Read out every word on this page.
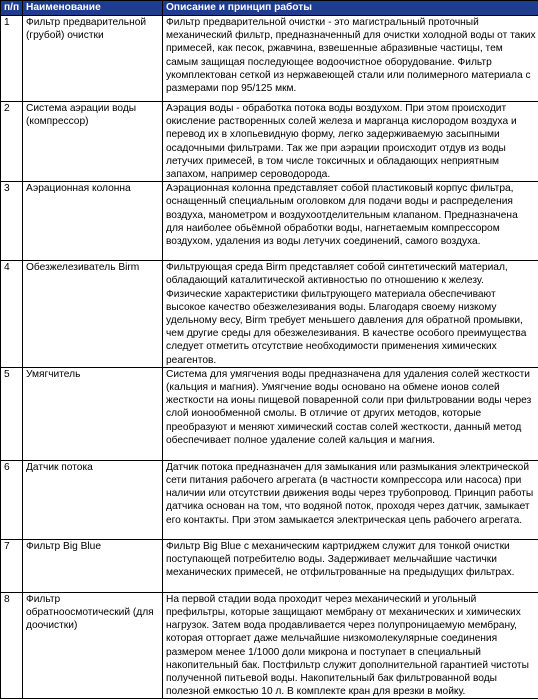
п/п	Наименование	Описание и принцип работы
1	Фильтр предварительной (грубой) очистки	Фильтр предварительной очистки - это магистральный проточный механический фильтр, предназначенный для очистки холодной воды от таких примесей, как песок, ржавчина, взвешенные абразивные частицы, тем самым защищая последующее водоочистное оборудование. Фильтр укомплектован сеткой из нержавеющей стали или полимерного материала с размерами пор 95/125 мкм.
2	Система аэрации воды (компрессор)	Аэрация воды - обработка потока воды воздухом. При этом происходит окисление растворенных солей железа и марганца кислородом воздуха и перевод их в хлопьевидную форму, легко задерживаемую засыпными осадочными фильтрами. Так же при аэрации происходит отдув из воды летучих примесей, в том числе токсичных и обладающих неприятным запахом, например сероводорода.
3	Аэрационная колонна	Аэрационная колонна представляет собой пластиковый корпус фильтра, оснащенный специальным оголовком для подачи воды и распределения воздуха, манометром и воздухоотделительным клапаном. Предназначена для наиболее обьёмной обработки воды, нагнетаемым компрессором воздухом, удаления из воды летучих соединений, самого воздуха.
4	Обезжелезиватель Birm	Фильтрующая среда Birm представляет собой синтетический материал, обладающий каталитической активностью по отношению к железу. Физические характеристики фильтрующего материала обеспечивают высокое качество обезжелезивания воды. Благодаря своему низкому удельному весу, Birm требует меньшего давления для обратной промывки, чем другие среды для обезжелезивания. В качестве особого преимущества следует отметить отсутствие необходимости применения химических реагентов.
5	Умягчитель	Система для умягчения воды предназначена для удаления солей жесткости (кальция и магния). Умягчение воды основано на обмене ионов солей жесткости на ионы пищевой поваренной соли при фильтровании воды через слой ионообменной смолы. В отличие от других методов, которые преобразуют и меняют химический состав солей жесткости, данный метод обеспечивает полное удаление солей кальция и магния.
6	Датчик потока	Датчик потока предназначен для замыкания или размыкания электрической сети питания рабочего агрегата (в частности компрессора или насоса) при наличии или отсутствии движения воды через трубопровод. Принцип работы датчика основан на том, что водяной поток, проходя через датчик, замыкает его контакты. При этом замыкается электрическая цепь рабочего агрегата.
7	Фильтр Big Blue	Фильтр Big Blue с механическим картриджем служит для тонкой очистки поступающей потребителю воды. Задерживает мельчайшие частички механических примесей, не отфильтрованные на предыдущих фильтрах.
8	Фильтр обратноосмотический (для доочистки)	На первой стадии вода проходит через механический и угольный префильтры, которые защищают мембрану от механических и химических нагрузок. Затем вода продавливается через полупроницаемую мембрану, которая отторгает даже мельчайшие низкомолекулярные соединения размером менее 1/1000 доли микрона и поступает в специальный накопительный бак. Постфильтр служит дополнительной гарантией чистоты полученной питьевой воды. Накопительный бак фильтрованной воды полезной емкостью 10 л. В комплекте кран для врезки в мойку.
